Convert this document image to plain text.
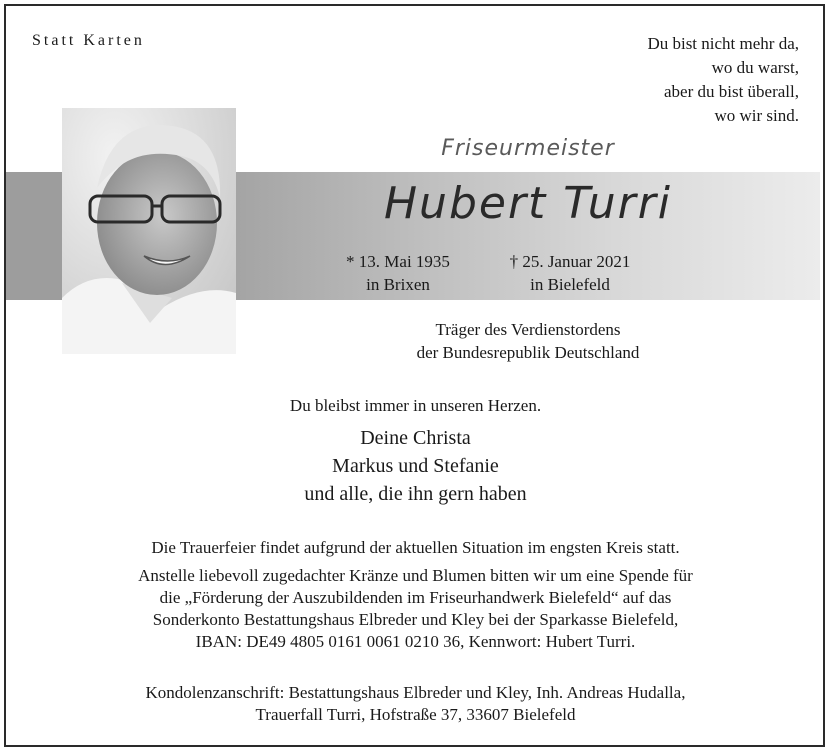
Statt Karten	Du bist nicht mehr da,
wo du warst,
aber du bist überall,
wo wir sind.
Friseurmeister
Hubert Turri
* 13. Mai 1935
in Brixen
† 25. Januar 2021
in Bielefeld
Träger des Verdienstordens
der Bundesrepublik Deutschland
Du bleibst immer in unseren Herzen.
Deine Christa
Markus und Stefanie
und alle, die ihn gern haben
Die Trauerfeier findet aufgrund der aktuellen Situation im engsten Kreis statt.
Anstelle liebevoll zugedachter Kränze und Blumen bitten wir um eine Spende für
die „Förderung der Auszubildenden im Friseurhandwerk Bielefeld“ auf das
Sonderkonto Bestattungshaus Elbreder und Kley bei der Sparkasse Bielefeld,
IBAN: DE49 4805 0161 0061 0210 36, Kennwort: Hubert Turri.
Kondolenzanschrift: Bestattungshaus Elbreder und Kley, Inh. Andreas Hudalla,
Trauerfall Turri, Hofstraße 37, 33607 Bielefeld
